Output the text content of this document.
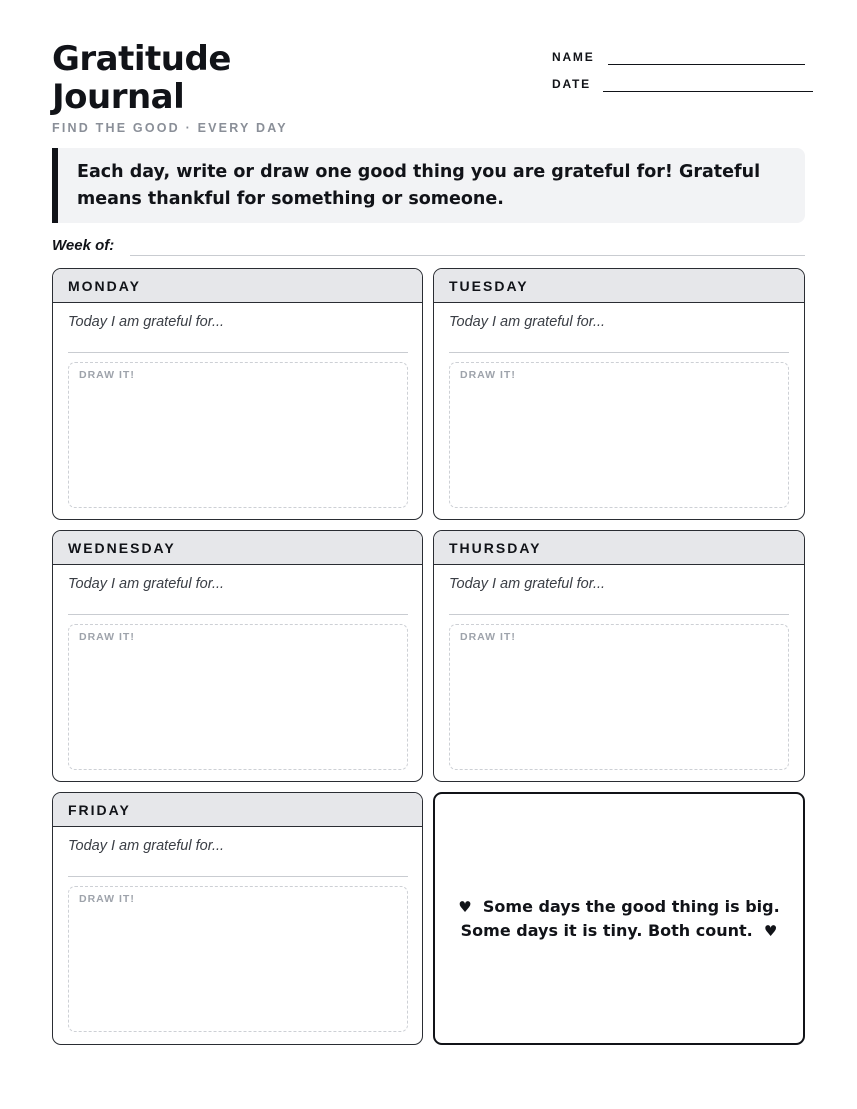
Gratitude
Journal
FIND THE GOOD · EVERY DAY
NAME
DATE
Each day, write or draw one good thing you are grateful for! Grateful means thankful for something or someone.
Week of:
MONDAY
Today I am grateful for...
DRAW IT!
TUESDAY
Today I am grateful for...
DRAW IT!
WEDNESDAY
Today I am grateful for...
DRAW IT!
THURSDAY
Today I am grateful for...
DRAW IT!
FRIDAY
Today I am grateful for...
DRAW IT!	♥ Some days the good thing is big.
Some days it is tiny. Both count. ♥
